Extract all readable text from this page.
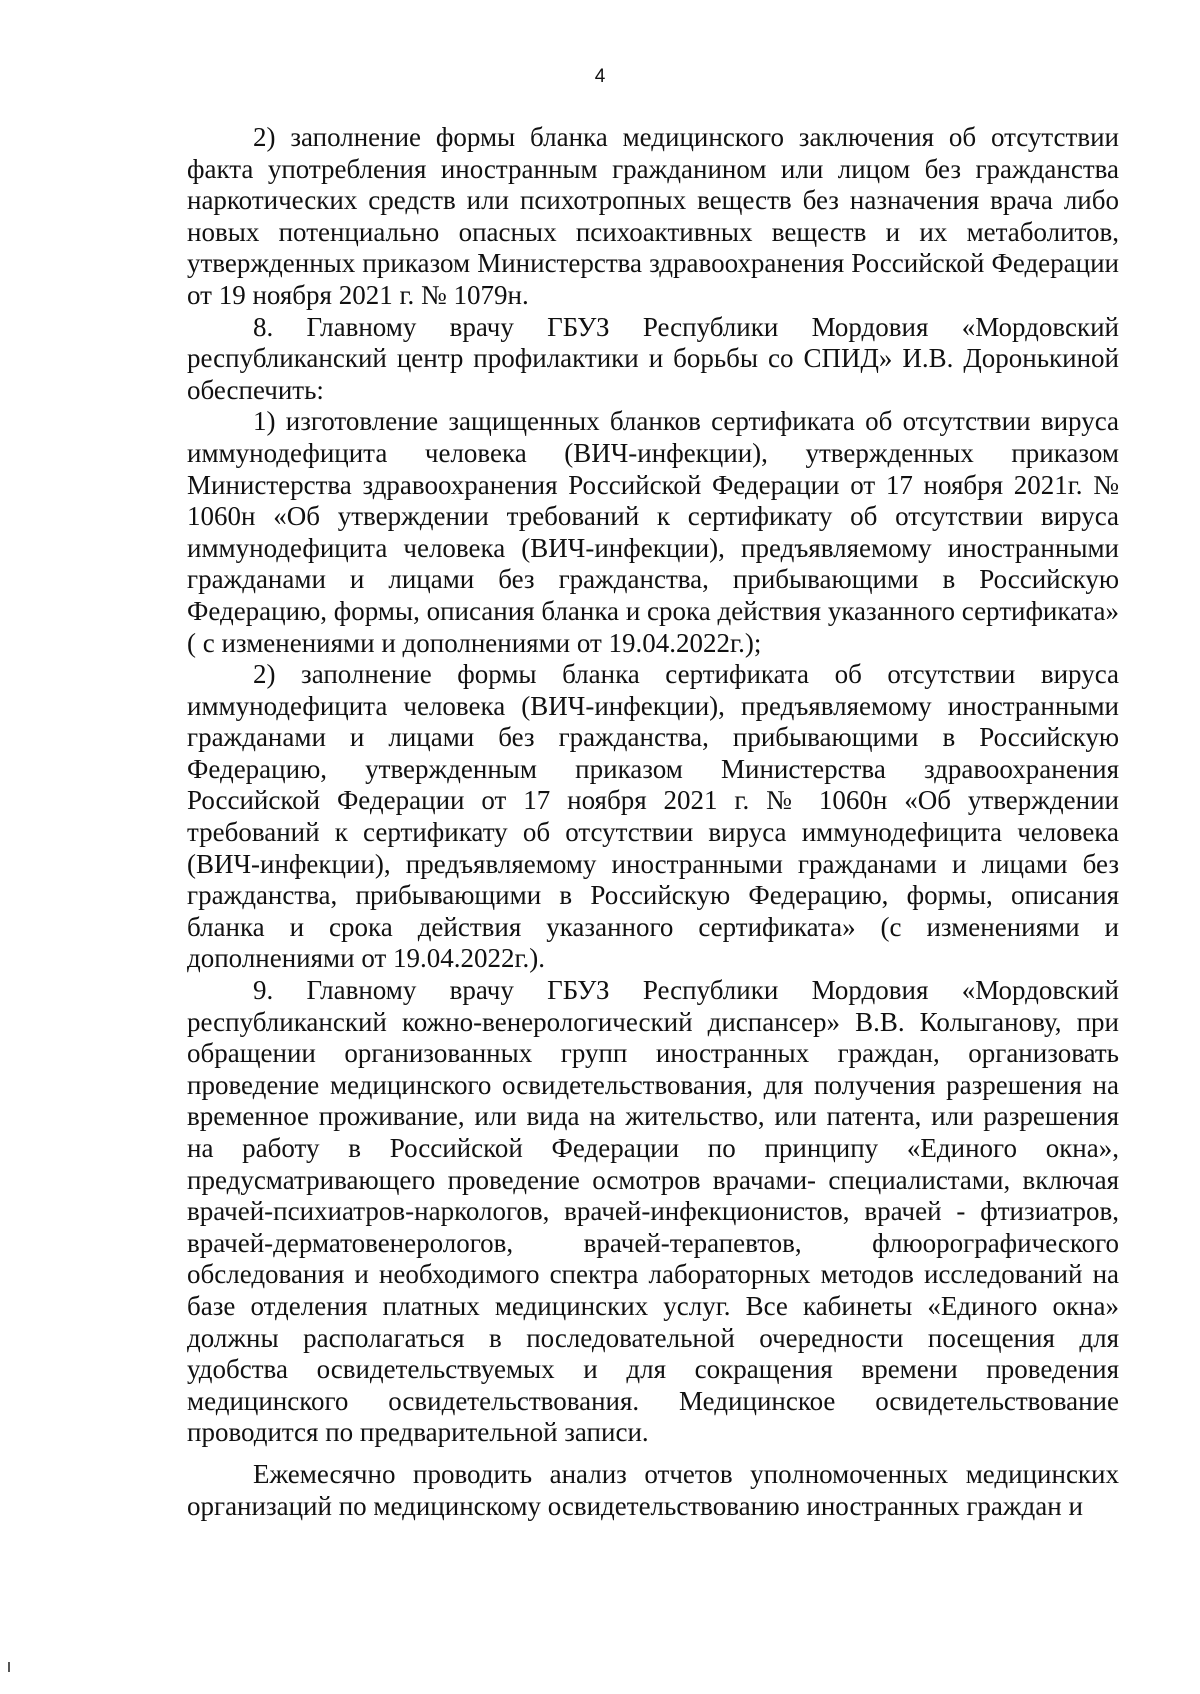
4

2) заполнение формы бланка медицинского заключения об отсутствии факта употребления иностранным гражданином или лицом без гражданства наркотических средств или психотропных веществ без назначения врача либо новых потенциально опасных психоактивных веществ и их метаболитов, утвержденных приказом Министерства здравоохранения Российской Федерации от 19 ноября 2021 г. № 1079н.

8. Главному врачу ГБУЗ Республики Мордовия «Мордовский республиканский центр профилактики и борьбы со СПИД» И.В. Доронькиной обеспечить:

1) изготовление защищенных бланков сертификата об отсутствии вируса иммунодефицита человека (ВИЧ-инфекции), утвержденных приказом Министерства здравоохранения Российской Федерации от 17 ноября 2021г. № 1060н «Об утверждении требований к сертификату об отсутствии вируса иммунодефицита человека (ВИЧ-инфекции), предъявляемому иностранными гражданами и лицами без гражданства, прибывающими в Российскую Федерацию, формы, описания бланка и срока действия указанного сертификата» ( с изменениями и дополнениями от 19.04.2022г.);

2) заполнение формы бланка сертификата об отсутствии вируса иммунодефицита человека (ВИЧ-инфекции), предъявляемому иностранными гражданами и лицами без гражданства, прибывающими в Российскую Федерацию, утвержденным приказом Министерства здравоохранения Российской Федерации от 17 ноября 2021 г. № 1060н «Об утверждении требований к сертификату об отсутствии вируса иммунодефицита человека (ВИЧ-инфекции), предъявляемому иностранными гражданами и лицами без гражданства, прибывающими в Российскую Федерацию, формы, описания бланка и срока действия указанного сертификата» (с изменениями и дополнениями от 19.04.2022г.).

9. Главному врачу ГБУЗ Республики Мордовия «Мордовский республиканский кожно-венерологический диспансер» В.В. Колыганову, при обращении организованных групп иностранных граждан, организовать проведение медицинского освидетельствования, для получения разрешения на временное проживание, или вида на жительство, или патента, или разрешения на работу в Российской Федерации по принципу «Единого окна», предусматривающего проведение осмотров врачами- специалистами, включая врачей-психиатров-наркологов, врачей-инфекционистов, врачей - фтизиатров, врачей-дерматовенерологов, врачей-терапевтов, флюорографического обследования и необходимого спектра лабораторных методов исследований на базе отделения платных медицинских услуг. Все кабинеты «Единого окна» должны располагаться в последовательной очередности посещения для удобства освидетельствуемых и для сокращения времени проведения медицинского освидетельствования. Медицинское освидетельствование проводится по предварительной записи.

Ежемесячно проводить анализ отчетов уполномоченных медицинских организаций по медицинскому освидетельствованию иностранных граждан и
